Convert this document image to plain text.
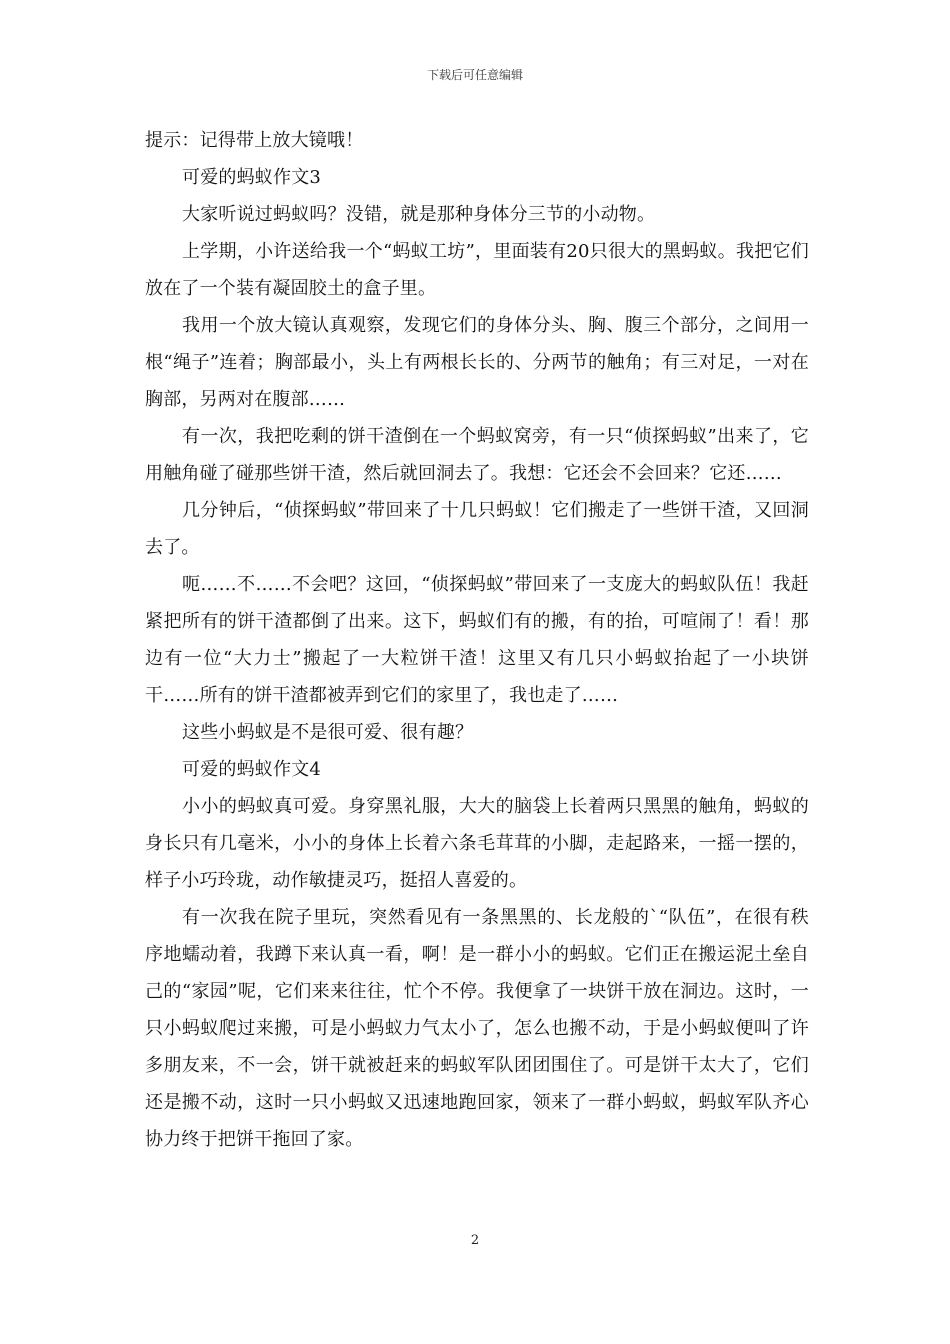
下载后可任意编辑

提示：记得带上放大镜哦！

可爱的蚂蚁作文3

大家听说过蚂蚁吗？没错，就是那种身体分三节的小动物。

上学期，小许送给我一个“蚂蚁工坊”，里面装有20只很大的黑蚂蚁。我把它们放在了一个装有凝固胶土的盒子里。

我用一个放大镜认真观察，发现它们的身体分头、胸、腹三个部分，之间用一根“绳子”连着；胸部最小，头上有两根长长的、分两节的触角；有三对足，一对在胸部，另两对在腹部……

有一次，我把吃剩的饼干渣倒在一个蚂蚁窝旁，有一只“侦探蚂蚁”出来了，它用触角碰了碰那些饼干渣，然后就回洞去了。我想：它还会不会回来？它还……

几分钟后，“侦探蚂蚁”带回来了十几只蚂蚁！它们搬走了一些饼干渣，又回洞去了。

呃……不……不会吧？这回，“侦探蚂蚁”带回来了一支庞大的蚂蚁队伍！我赶紧把所有的饼干渣都倒了出来。这下，蚂蚁们有的搬，有的抬，可喧闹了！看！那边有一位“大力士”搬起了一大粒饼干渣！这里又有几只小蚂蚁抬起了一小块饼干……所有的饼干渣都被弄到它们的家里了，我也走了……

这些小蚂蚁是不是很可爱、很有趣？

可爱的蚂蚁作文4

小小的蚂蚁真可爱。身穿黑礼服，大大的脑袋上长着两只黑黑的触角，蚂蚁的身长只有几毫米，小小的身体上长着六条毛茸茸的小脚，走起路来，一摇一摆的，样子小巧玲珑，动作敏捷灵巧，挺招人喜爱的。

有一次我在院子里玩，突然看见有一条黑黑的、长龙般的`“队伍”，在很有秩序地蠕动着，我蹲下来认真一看，啊！是一群小小的蚂蚁。它们正在搬运泥土垒自己的“家园”呢，它们来来往往，忙个不停。我便拿了一块饼干放在洞边。这时，一只小蚂蚁爬过来搬，可是小蚂蚁力气太小了，怎么也搬不动，于是小蚂蚁便叫了许多朋友来，不一会，饼干就被赶来的蚂蚁军队团团围住了。可是饼干太大了，它们还是搬不动，这时一只小蚂蚁又迅速地跑回家，领来了一群小蚂蚁，蚂蚁军队齐心协力终于把饼干拖回了家。

2
